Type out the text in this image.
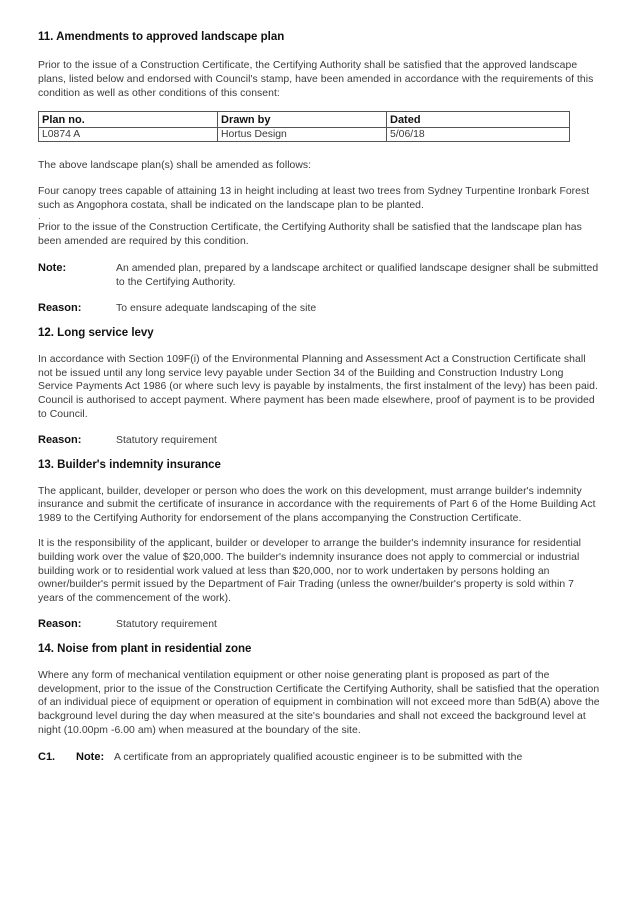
11. Amendments to approved landscape plan

Prior to the issue of a Construction Certificate, the Certifying Authority shall be satisfied that the approved landscape plans, listed below and endorsed with Council's stamp, have been amended in accordance with the requirements of this condition as well as other conditions of this consent:

Plan no.	Drawn by	Dated
L0874 A	Hortus Design	5/06/18

The above landscape plan(s) shall be amended as follows:

Four canopy trees capable of attaining 13 in height including at least two trees from Sydney Turpentine Ironbark Forest such as Angophora costata, shall be indicated on the landscape plan to be planted.

.

Prior to the issue of the Construction Certificate, the Certifying Authority shall be satisfied that the landscape plan has been amended are required by this condition.

Note:	An amended plan, prepared by a landscape architect or qualified landscape designer shall be submitted to the Certifying Authority.

Reason:	To ensure adequate landscaping of the site

12. Long service levy

In accordance with Section 109F(i) of the Environmental Planning and Assessment Act a Construction Certificate shall not be issued until any long service levy payable under Section 34 of the Building and Construction Industry Long Service Payments Act 1986 (or where such levy is payable by instalments, the first instalment of the levy) has been paid. Council is authorised to accept payment. Where payment has been made elsewhere, proof of payment is to be provided to Council.

Reason:	Statutory requirement

13. Builder's indemnity insurance

The applicant, builder, developer or person who does the work on this development, must arrange builder's indemnity insurance and submit the certificate of insurance in accordance with the requirements of Part 6 of the Home Building Act 1989 to the Certifying Authority for endorsement of the plans accompanying the Construction Certificate.

It is the responsibility of the applicant, builder or developer to arrange the builder's indemnity insurance for residential building work over the value of $20,000. The builder's indemnity insurance does not apply to commercial or industrial building work or to residential work valued at less than $20,000, nor to work undertaken by persons holding an owner/builder's permit issued by the Department of Fair Trading (unless the owner/builder's property is sold within 7 years of the commencement of the work).

Reason:	Statutory requirement

14. Noise from plant in residential zone

Where any form of mechanical ventilation equipment or other noise generating plant is proposed as part of the development, prior to the issue of the Construction Certificate the Certifying Authority, shall be satisfied that the operation of an individual piece of equipment or operation of equipment in combination will not exceed more than 5dB(A) above the background level during the day when measured at the site's boundaries and shall not exceed the background level at night (10.00pm -6.00 am) when measured at the boundary of the site.

C1.	Note: A certificate from an appropriately qualified acoustic engineer is to be submitted with the
